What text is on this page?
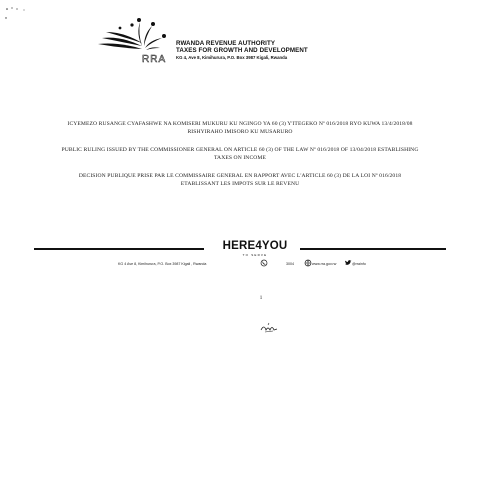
RRA
RWANDA REVENUE AUTHORITY
TAXES FOR GROWTH AND DEVELOPMENT
KG 4, Ave 8, Kimihurura, P.O. Box 3987 Kigali, Rwanda

ICYEMEZO RUSANGE CYAFASHWE NA KOMISERI MUKURU KU NGINGO YA 60 (3) Y'ITEGEKO Nº 016/2018 RYO KUWA 13/4/2018/08 RISHYIRAHO IMISORO KU MUSARURO

PUBLIC RULING ISSUED BY THE COMMISSIONER GENERAL ON ARTICLE 60 (3) OF THE LAW Nº 016/2018 OF 13/04/2018 ESTABLISHING TAXES ON INCOME

DECISION PUBLIQUE PRISE PAR LE COMMISSAIRE GENERAL EN RAPPORT AVEC L'ARTICLE 60 (3) DE LA LOI Nº 016/2018 ETABLISSANT LES IMPOTS SUR LE REVENU

HERE4YOU
TO SERVE
KG 4 Ave 8, Kimihurura, P.O. Box 3987 Kigali , Rwanda	3004	www.rra.gov.rw	@rrainfo
1
